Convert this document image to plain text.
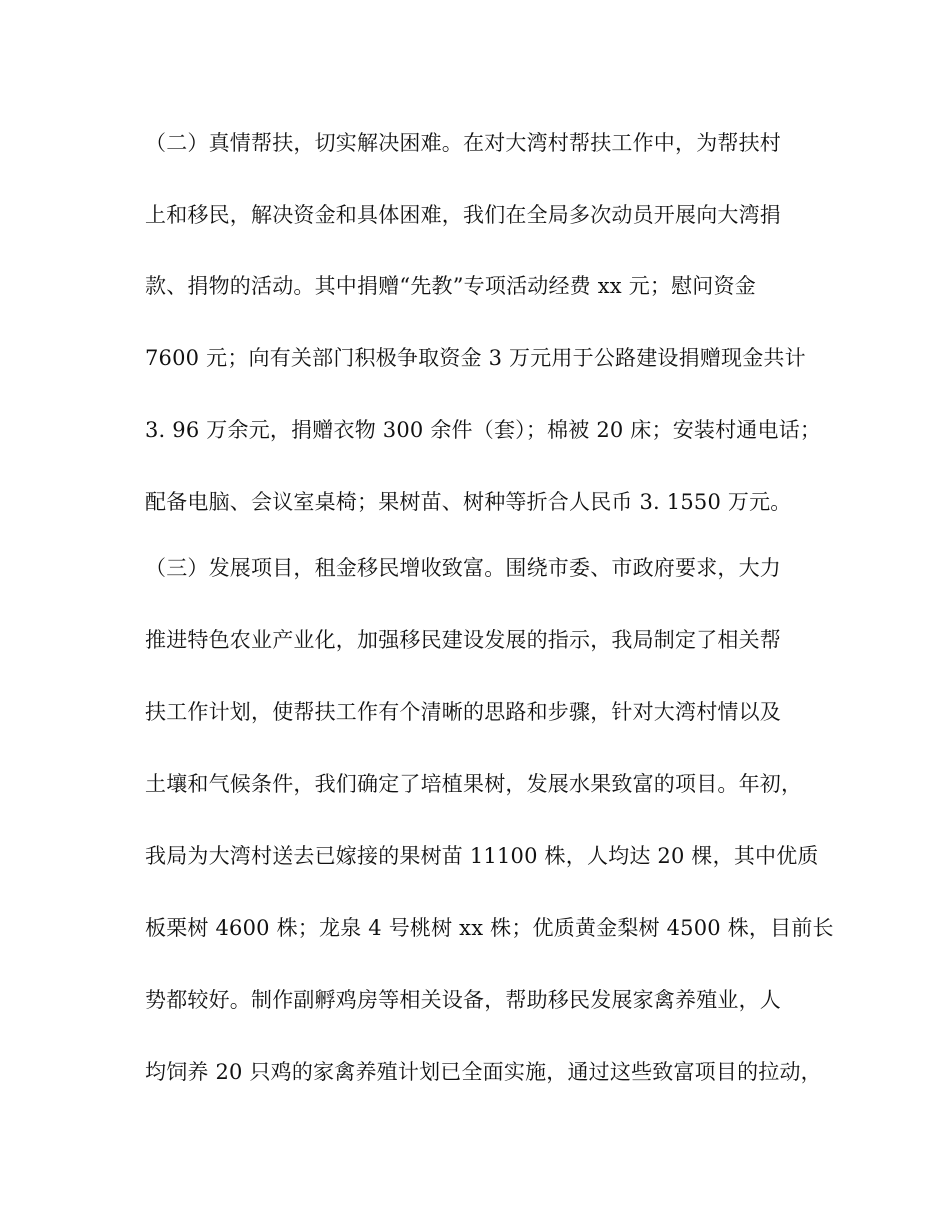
（二）真情帮扶，切实解决困难。在对大湾村帮扶工作中，为帮扶村

上和移民，解决资金和具体困难，我们在全局多次动员开展向大湾捐

款、捐物的活动。其中捐赠“先教”专项活动经费 xx 元；慰问资金

7600 元；向有关部门积极争取资金 3 万元用于公路建设捐赠现金共计

3. 96 万余元，捐赠衣物 300 余件（套）；棉被 20 床；安装村通电话；

配备电脑、会议室桌椅；果树苗、树种等折合人民币 3. 1550 万元。

（三）发展项目，租金移民增收致富。围绕市委、市政府要求，大力

推进特色农业产业化，加强移民建设发展的指示，我局制定了相关帮

扶工作计划，使帮扶工作有个清晰的思路和步骤，针对大湾村情以及

土壤和气候条件，我们确定了培植果树，发展水果致富的项目。年初，

我局为大湾村送去已嫁接的果树苗 11100 株，人均达 20 棵，其中优质

板栗树 4600 株；龙泉 4 号桃树 xx 株；优质黄金梨树 4500 株，目前长

势都较好。制作副孵鸡房等相关设备，帮助移民发展家禽养殖业，人

均饲养 20 只鸡的家禽养殖计划已全面实施，通过这些致富项目的拉动，
